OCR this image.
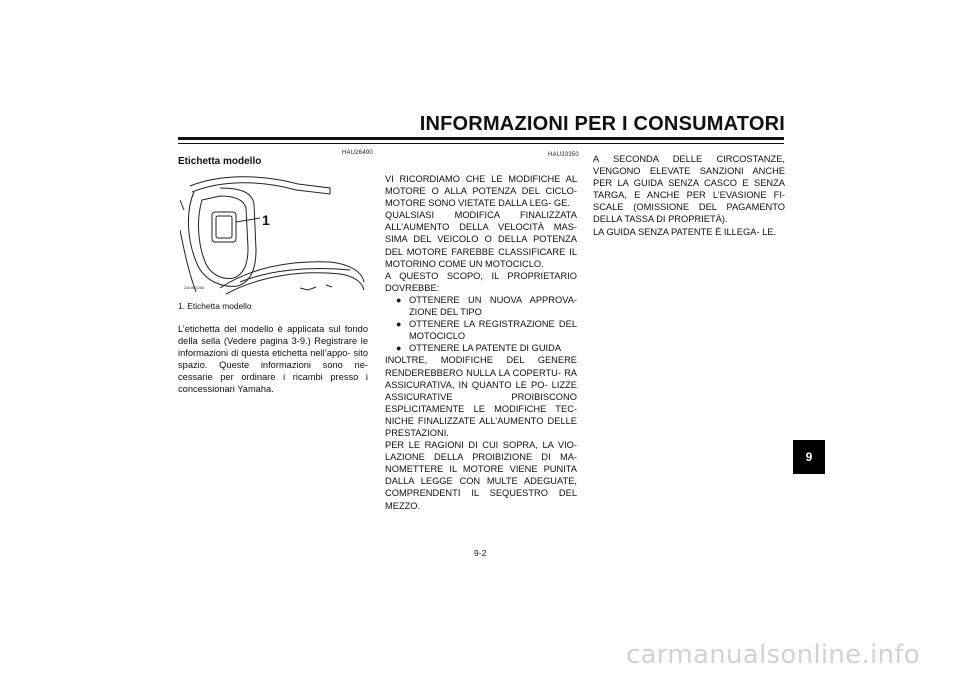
INFORMAZIONI PER I CONSUMATORI
HAU26490
Etichetta modello
1
ZAUM0266
1. Etichetta modello

L’etichetta del modello è applicata sul fondo della sella (Vedere pagina 3-9.) Registrare le informazioni di questa etichetta nell’appo- sito spazio. Queste informazioni sono ne- cessarie per ordinare i ricambi presso i concessionari Yamaha.

HAU33350

VI RICORDIAMO CHE LE MODIFICHE AL MOTORE O ALLA POTENZA DEL CICLO- MOTORE SONO VIETATE DALLA LEG- GE.

QUALSIASI MODIFICA FINALIZZATA ALL’AUMENTO DELLA VELOCITÀ MAS- SIMA DEL VEICOLO O DELLA POTENZA DEL MOTORE FAREBBE CLASSIFICARE IL MOTORINO COME UN MOTOCICLO.

A QUESTO SCOPO, IL PROPRIETARIO DOVREBBE:

● OTTENERE UN NUOVA APPROVA- ZIONE DEL TIPO
● OTTENERE LA REGISTRAZIONE DEL MOTOCICLO
● OTTENERE LA PATENTE DI GUIDA

INOLTRE, MODIFICHE DEL GENERE RENDEREBBERO NULLA LA COPERTU- RA ASSICURATIVA, IN QUANTO LE PO- LIZZE ASSICURATIVE PROIBISCONO ESPLICITAMENTE LE MODIFICHE TEC- NICHE FINALIZZATE ALL’AUMENTO DELLE PRESTAZIONI.

PER LE RAGIONI DI CUI SOPRA, LA VIO- LAZIONE DELLA PROIBIZIONE DI MA- NOMETTERE IL MOTORE VIENE PUNITA DALLA LEGGE CON MULTE ADEGUATE, COMPRENDENTI IL SEQUESTRO DEL MEZZO.

A SECONDA DELLE CIRCOSTANZE, VENGONO ELEVATE SANZIONI ANCHE PER LA GUIDA SENZA CASCO E SENZA TARGA, E ANCHE PER L’EVASIONE FI- SCALE (OMISSIONE DEL PAGAMENTO DELLA TASSA DI PROPRIETÀ).

LA GUIDA SENZA PATENTE È ILLEGA- LE.

9-2
9
carmanualsonline.info
